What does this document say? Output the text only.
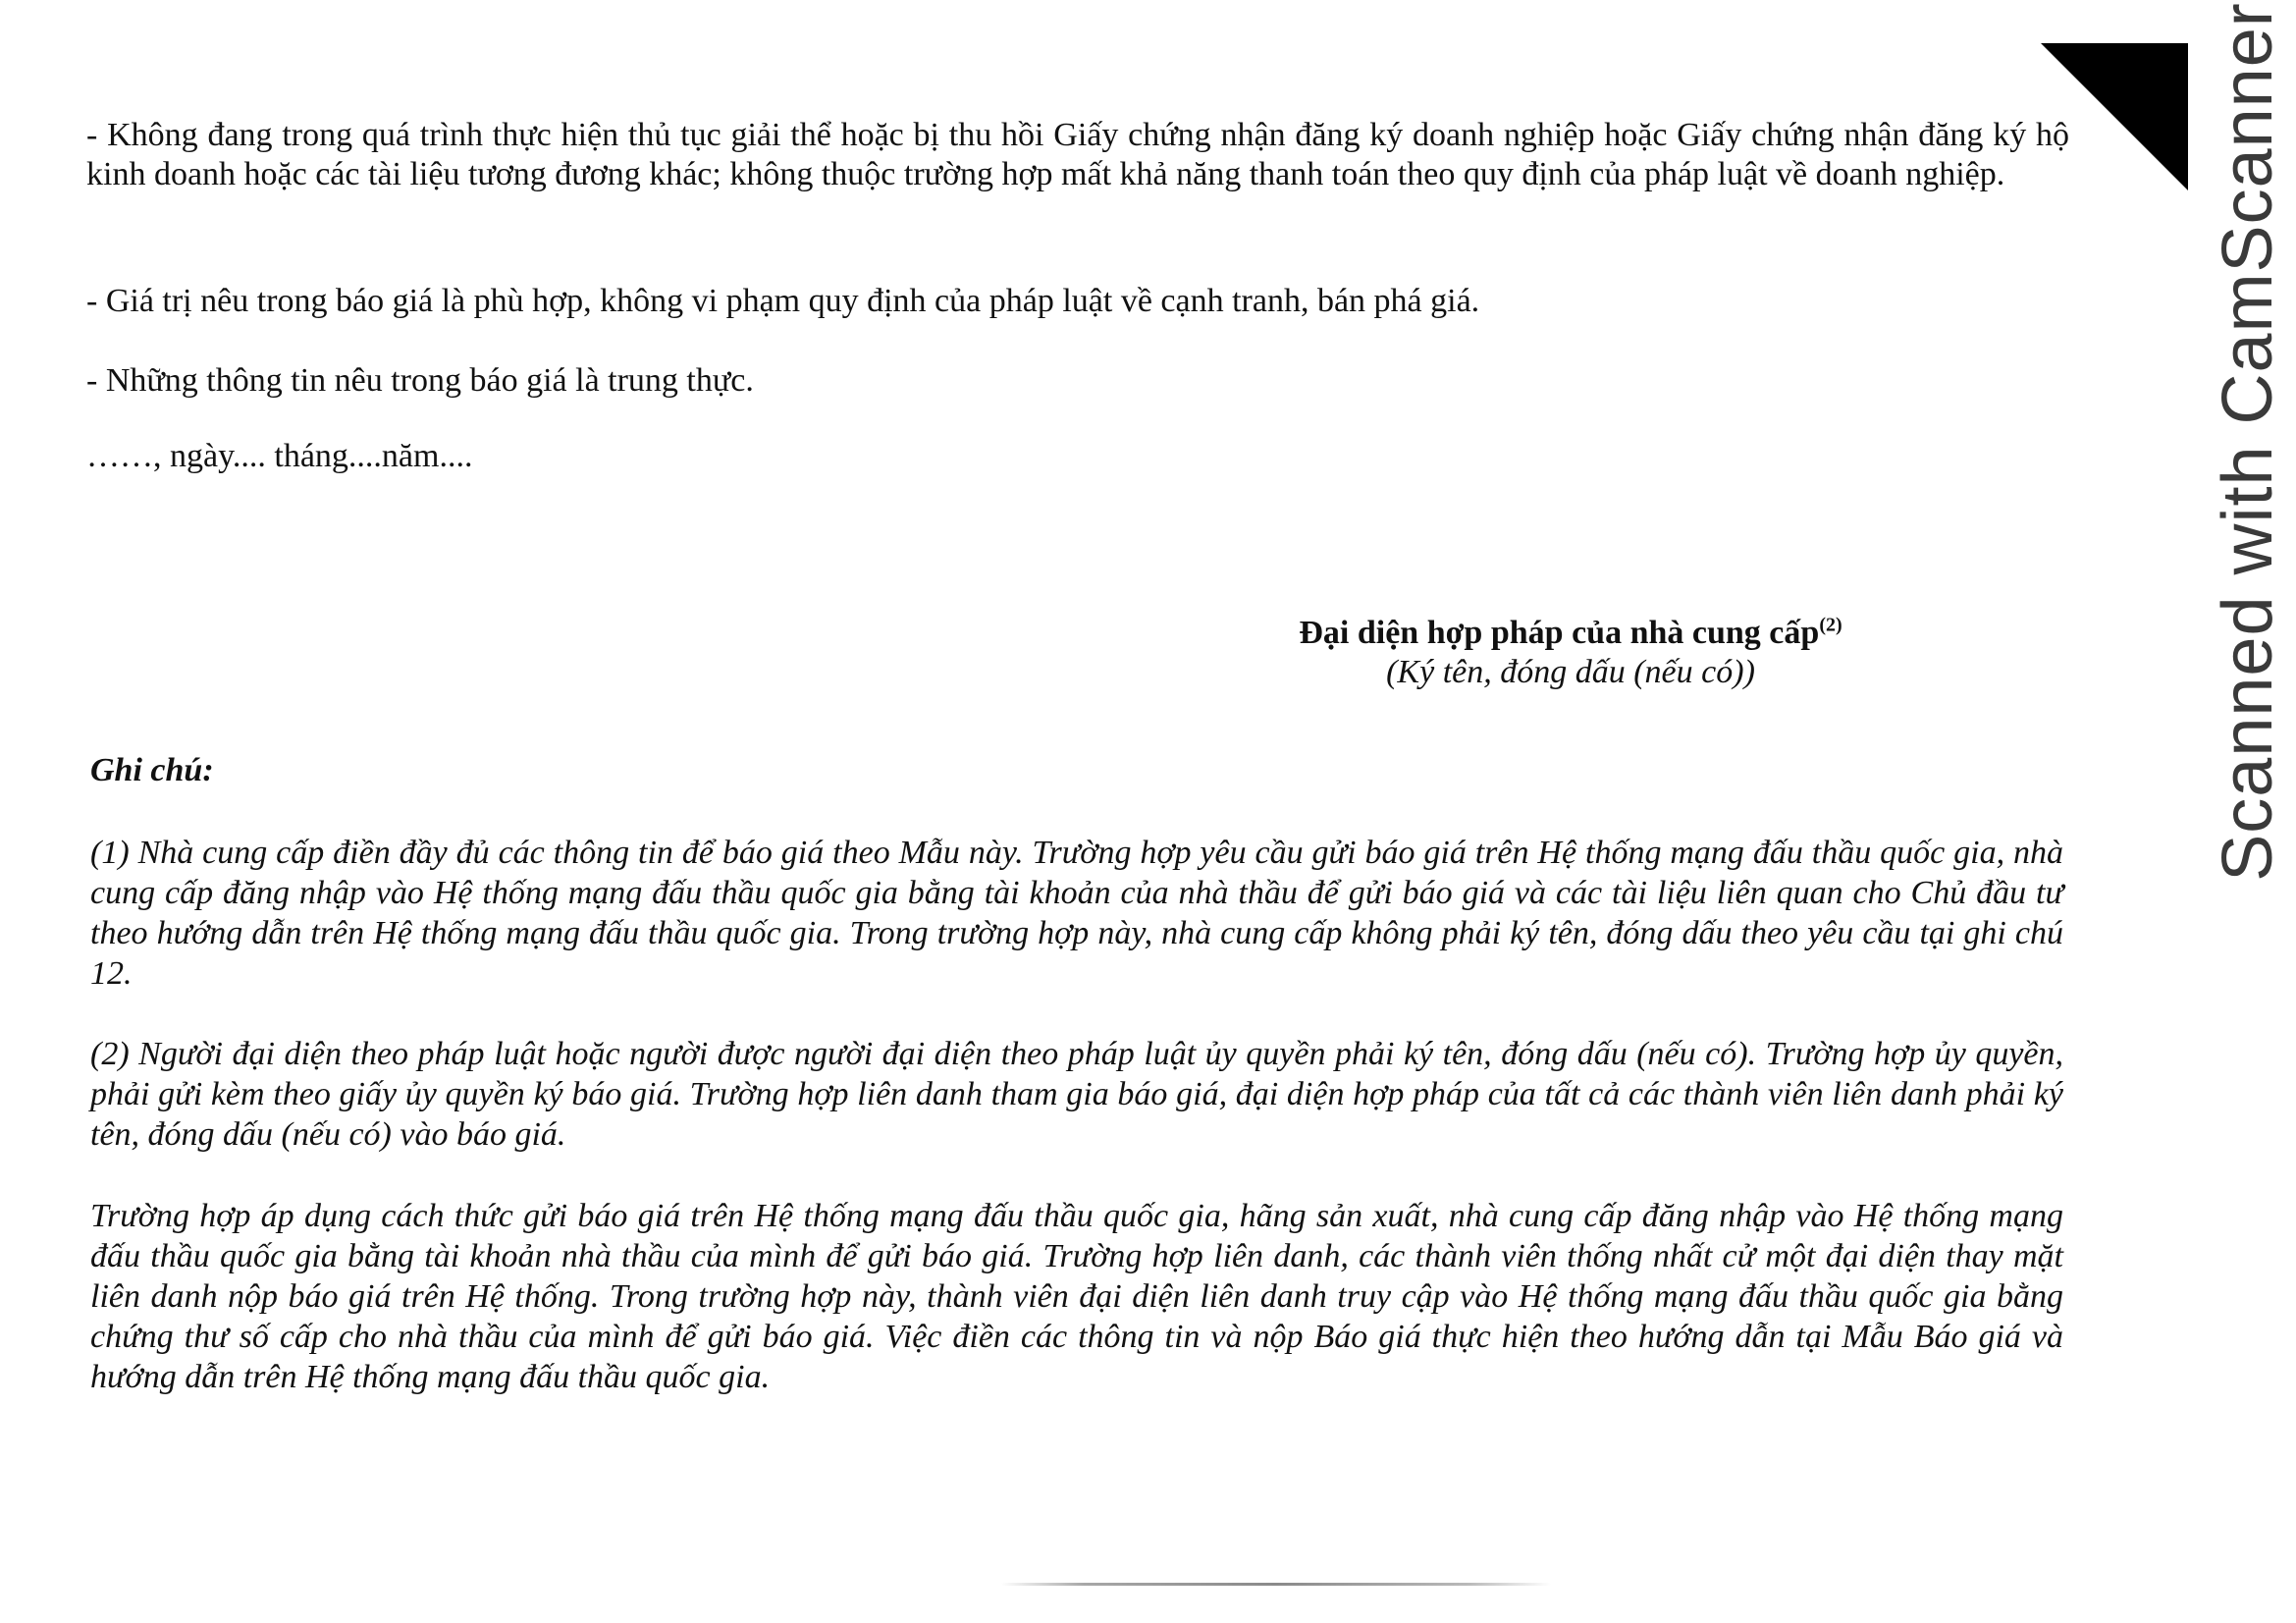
Scanned with CamScanner

- Không đang trong quá trình thực hiện thủ tục giải thể hoặc bị thu hồi Giấy chứng nhận đăng ký doanh nghiệp hoặc Giấy chứng nhận đăng ký hộ kinh doanh hoặc các tài liệu tương đương khác; không thuộc trường hợp mất khả năng thanh toán theo quy định của pháp luật về doanh nghiệp.

- Giá trị nêu trong báo giá là phù hợp, không vi phạm quy định của pháp luật về cạnh tranh, bán phá giá.

- Những thông tin nêu trong báo giá là trung thực.

……, ngày.... tháng....năm....

Đại diện hợp pháp của nhà cung cấp$^{(2)}$

(Ký tên, đóng dấu (nếu có))

Ghi chú:

(1) Nhà cung cấp điền đầy đủ các thông tin để báo giá theo Mẫu này. Trường hợp yêu cầu gửi báo giá trên Hệ thống mạng đấu thầu quốc gia, nhà cung cấp đăng nhập vào Hệ thống mạng đấu thầu quốc gia bằng tài khoản của nhà thầu để gửi báo giá và các tài liệu liên quan cho Chủ đầu tư theo hướng dẫn trên Hệ thống mạng đấu thầu quốc gia. Trong trường hợp này, nhà cung cấp không phải ký tên, đóng dấu theo yêu cầu tại ghi chú 12.

(2) Người đại diện theo pháp luật hoặc người được người đại diện theo pháp luật ủy quyền phải ký tên, đóng dấu (nếu có). Trường hợp ủy quyền, phải gửi kèm theo giấy ủy quyền ký báo giá. Trường hợp liên danh tham gia báo giá, đại diện hợp pháp của tất cả các thành viên liên danh phải ký tên, đóng dấu (nếu có) vào báo giá.

Trường hợp áp dụng cách thức gửi báo giá trên Hệ thống mạng đấu thầu quốc gia, hãng sản xuất, nhà cung cấp đăng nhập vào Hệ thống mạng đấu thầu quốc gia bằng tài khoản nhà thầu của mình để gửi báo giá. Trường hợp liên danh, các thành viên thống nhất cử một đại diện thay mặt liên danh nộp báo giá trên Hệ thống. Trong trường hợp này, thành viên đại diện liên danh truy cập vào Hệ thống mạng đấu thầu quốc gia bằng chứng thư số cấp cho nhà thầu của mình để gửi báo giá. Việc điền các thông tin và nộp Báo giá thực hiện theo hướng dẫn tại Mẫu Báo giá và hướng dẫn trên Hệ thống mạng đấu thầu quốc gia.
